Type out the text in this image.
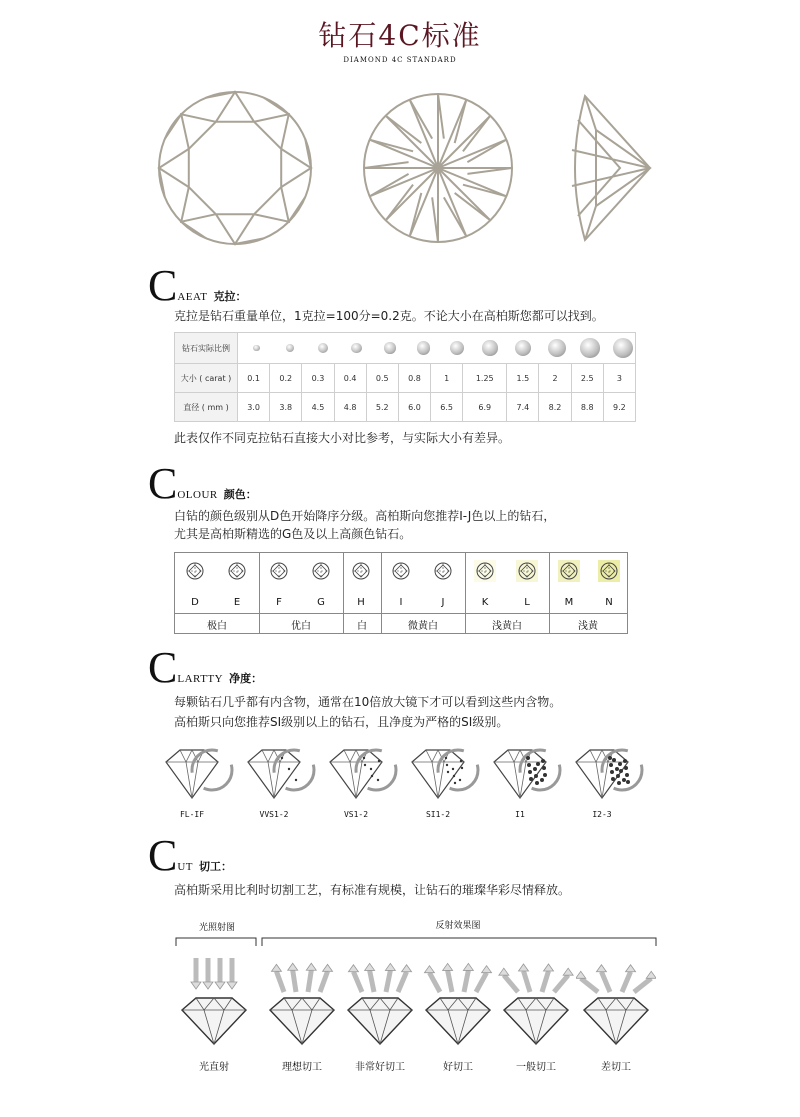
钻石4C标准
DIAMOND 4C STANDARD
CAEAT 克拉：
克拉是钻石重量单位，1克拉=100分=0.2克。不论大小在高柏斯您都可以找到。
钻石实际比例												

大小 ( carat )	0.1	0.2	0.3	0.4	0.5	0.8	1	1.25	1.5	2	2.5	3
直径 ( mm )	3.0	3.8	4.5	4.8	5.2	6.0	6.5	6.9	7.4	8.2	8.8	9.2
此表仅作不同克拉钻石直接大小对比参考，与实际大小有差异。
COLOUR 颜色：
白钻的颜色级别从D色开始降序分级。高柏斯向您推荐I-J色以上的钻石，
尤其是高柏斯精选的G色及以上高颜色钻石。
D	E	F	G	H	I	J	K	L	M	N
极白	优白	白	微黄白	浅黄白	浅黄
CLARTTY 净度：
每颗钻石几乎都有内含物，通常在10倍放大镜下才可以看到这些内含物。
高柏斯只向您推荐SI级别以上的钻石，且净度为严格的SI级别。
FL-IF	VVS1-2	VS1-2	SI1-2	I1	I2-3
CUT 切工：
高柏斯采用比利时切割工艺，有标准有规模，让钻石的璀璨华彩尽情释放。
光照射图	反射效果图
光直射	理想切工	非常好切工	好切工	一般切工	差切工
